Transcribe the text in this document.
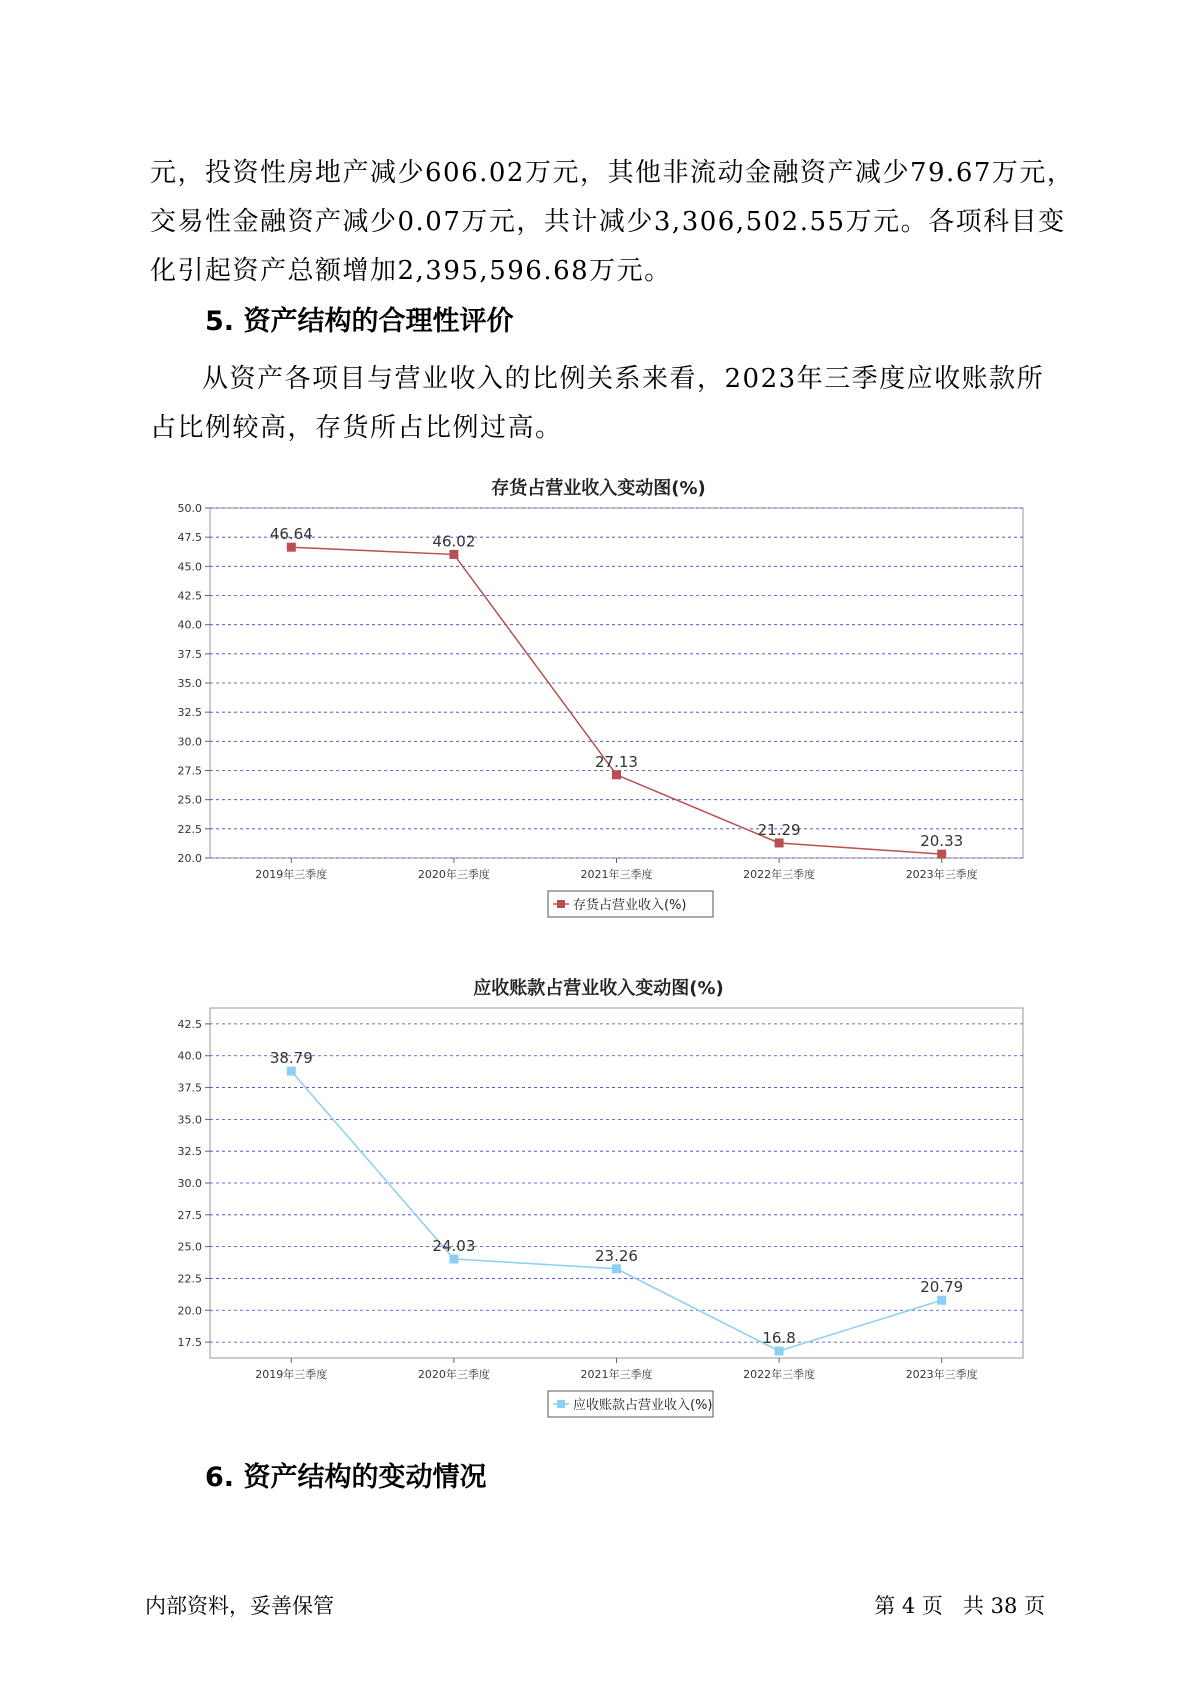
元，投资性房地产减少606.02万元，其他非流动金融资产减少79.67万元，
交易性金融资产减少0.07万元，共计减少3,306,502.55万元。各项科目变
化引起资产总额增加2,395,596.68万元。
5. 资产结构的合理性评价
从资产各项目与营业收入的比例关系来看，2023年三季度应收账款所
占比例较高，存货所占比例过高。
存货占营业收入变动图(%)
20.0
22.5
25.0
27.5
30.0
32.5
35.0
37.5
40.0
42.5
45.0
47.5
50.0
2019年三季度	2020年三季度	2021年三季度	2022年三季度	2023年三季度
46.64	46.02
27.13
21.29
20.33
存货占营业收入(%)
应收账款占营业收入变动图(%)
17.5
20.0
22.5
25.0
27.5
30.0
32.5
35.0
37.5
40.0
42.5
2019年三季度	2020年三季度	2021年三季度	2022年三季度	2023年三季度
38.79
24.03
23.26
16.8
20.79
应收账款占营业收入(%)
6. 资产结构的变动情况
内部资料，妥善保管	第 4 页   共 38 页
